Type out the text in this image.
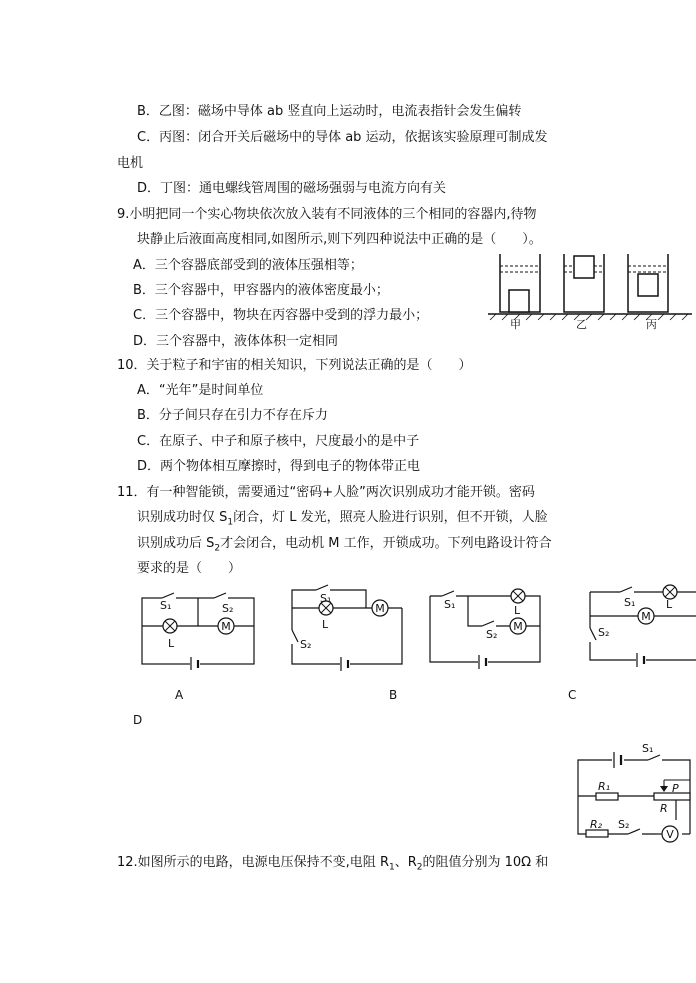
B．乙图：磁场中导体 ab 竖直向上运动时，电流表指针会发生偏转
C．丙图：闭合开关后磁场中的导体 ab 运动，依据该实验原理可制成发
电机
D．丁图：通电螺线管周围的磁场强弱与电流方向有关
9.小明把同一个实心物块依次放入装有不同液体的三个相同的容器内,待物
块静止后液面高度相同,如图所示,则下列四种说法中正确的是（　　）。
A．三个容器底部受到的液体压强相等；
B．三个容器中，甲容器内的液体密度最小；
C．三个容器中，物块在丙容器中受到的浮力最小；
D．三个容器中，液体体积一定相同
甲	乙	丙
10．关于粒子和宇宙的相关知识，下列说法正确的是（　　）
A．“光年”是时间单位
B．分子间只存在引力不存在斥力
C．在原子、中子和原子核中，尺度最小的是中子
D．两个物体相互摩擦时，得到电子的物体带正电
11．有一种智能锁，需要通过“密码+人脸”两次识别成功才能开锁。密码
识别成功时仅 $S_1$闭合，灯 L 发光，照亮人脸进行识别，但不开锁，人脸
识别成功后 $S_2$才会闭合，电动机 M 工作，开锁成功。下列电路设计符合
要求的是（　　）
M
S₁	S₂
L
M
S₁
L
S₂
M
S₁	L
S₂
M
S₁	L
S₂
A	B	C
D
V
S₁
R₁	P
R
R₂ S₂
12.如图所示的电路，电源电压保持不变,电阻 $R_1$、$R_2$的阻值分别为 10Ω 和
